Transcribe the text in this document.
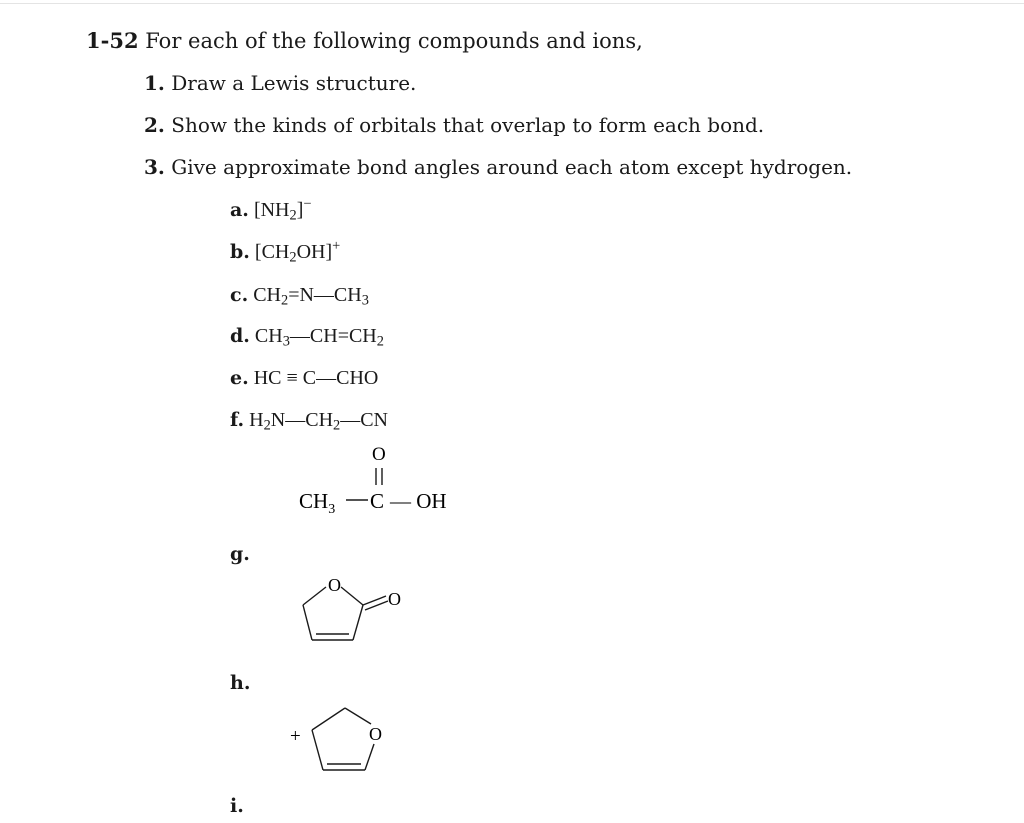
1-52 For each of the following compounds and ions,
1. Draw a Lewis structure.
2. Show the kinds of orbitals that overlap to form each bond.
3. Give approximate bond angles around each atom except hydrogen.
a. $[NH_2]^-$
b. $[CH_2OH]^+$
c. $CH_2=N—CH_3$
d. $CH_3—CH=CH_2$
e. HC ≡ C—CHO
f. $H_2N—CH_2—CN$
O
$CH_3$ C — OH
g.
O
O
h.
+	O
i.
